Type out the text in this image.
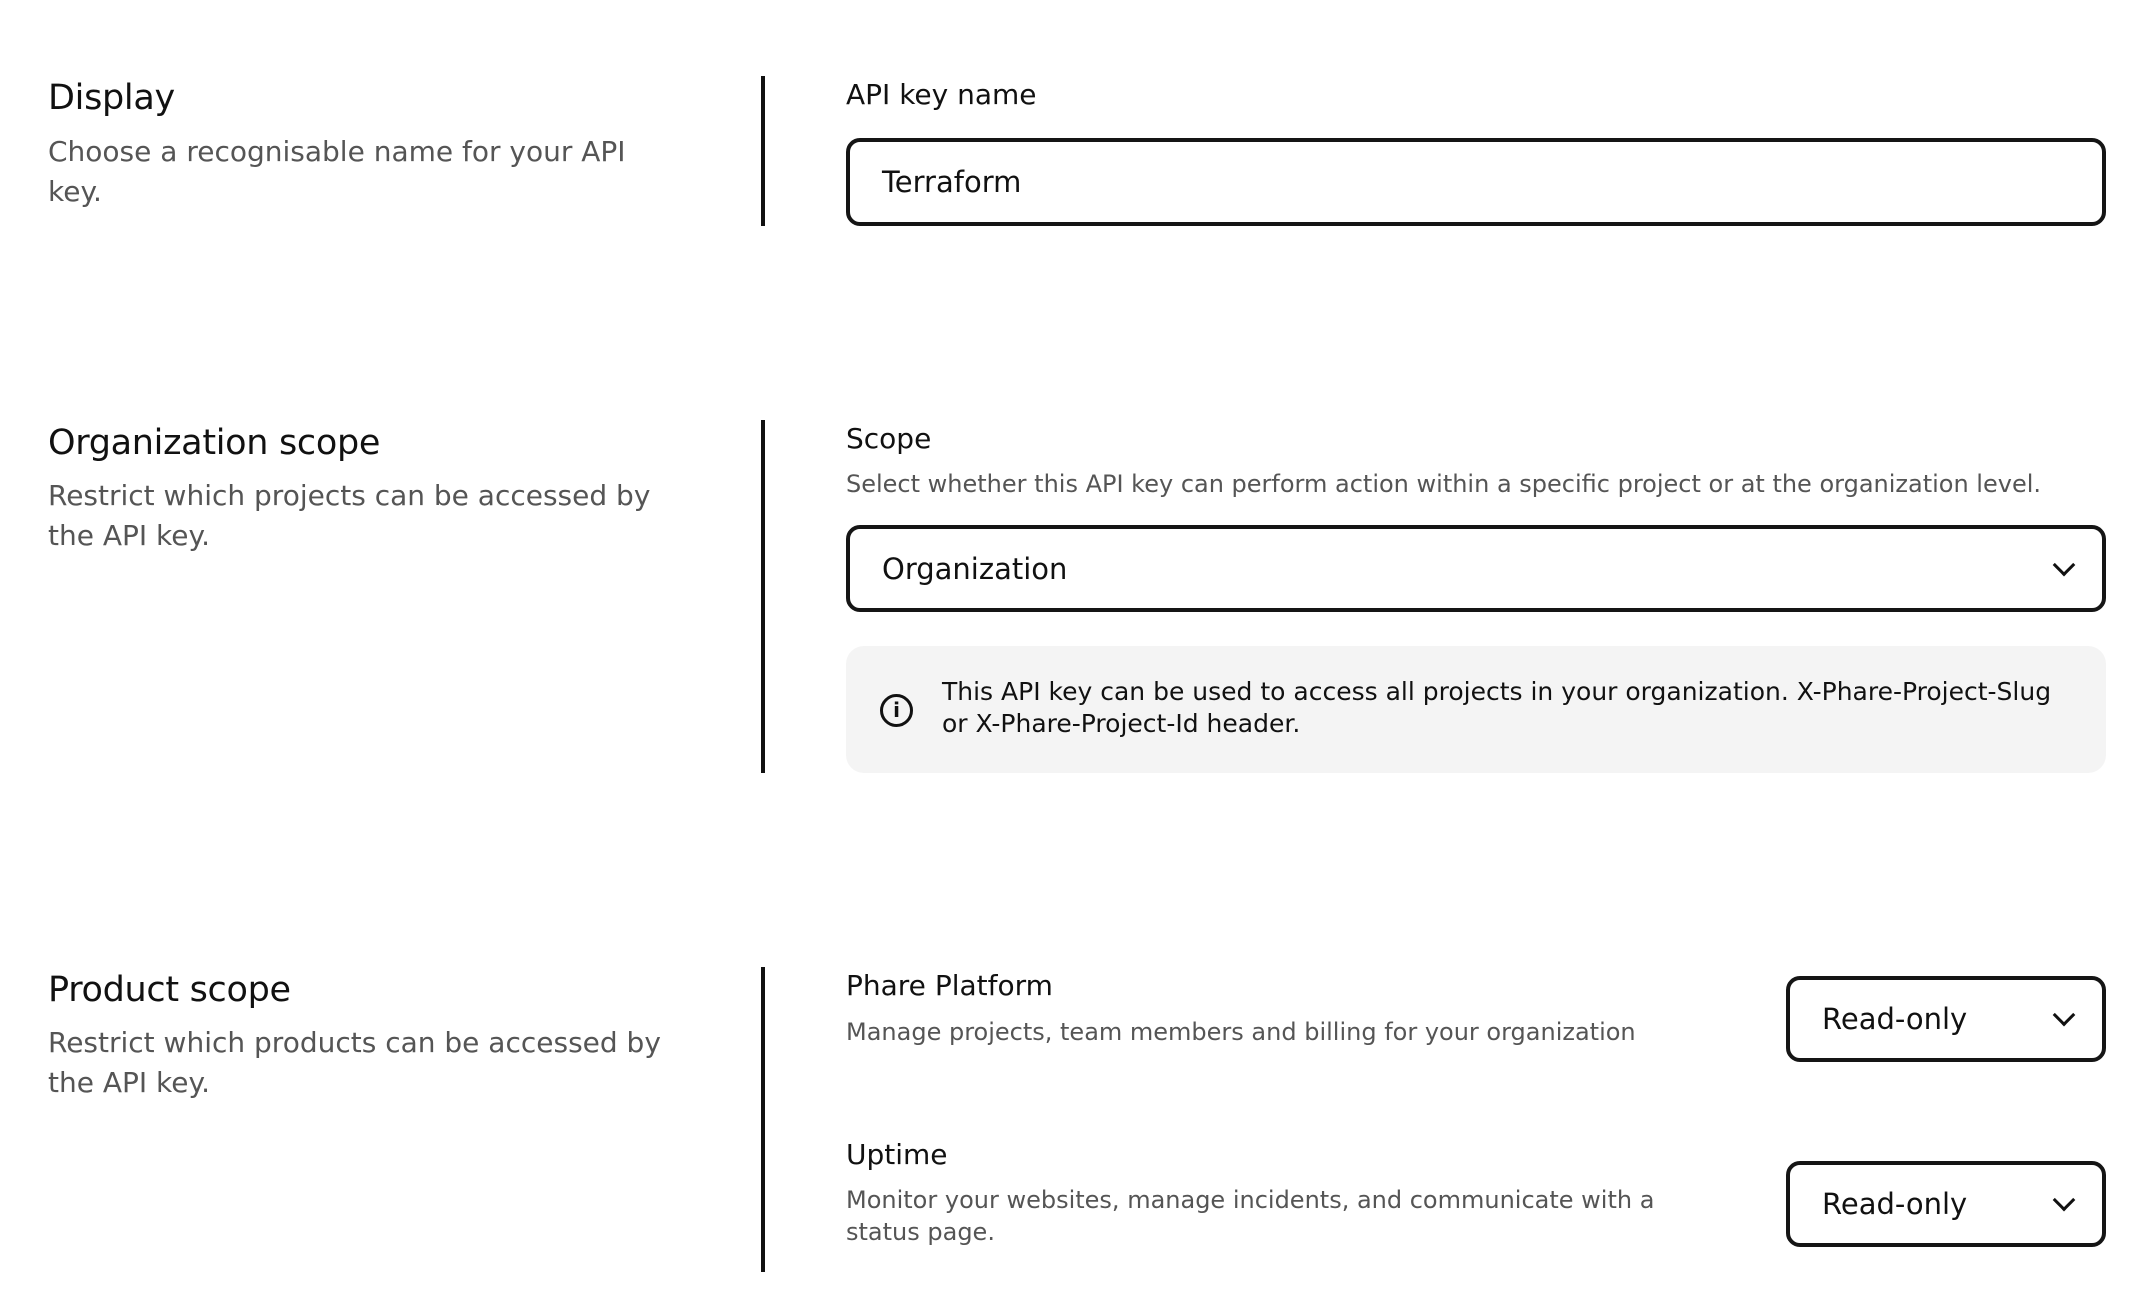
Display
Choose a recognisable name for your API key.
API key name
Terraform
Organization scope
Restrict which projects can be accessed by the API key.
Scope
Select whether this API key can perform action within a specific project or at the organization level.
Organization
i
This API key can be used to access all projects in your organization. X-Phare-Project-Slug or X-Phare-Project-Id header.
Product scope
Restrict which products can be accessed by the API key.
Phare Platform
Manage projects, team members and billing for your organization	Read-only
Uptime
Monitor your websites, manage incidents, and communicate with a status page.
Read-only
